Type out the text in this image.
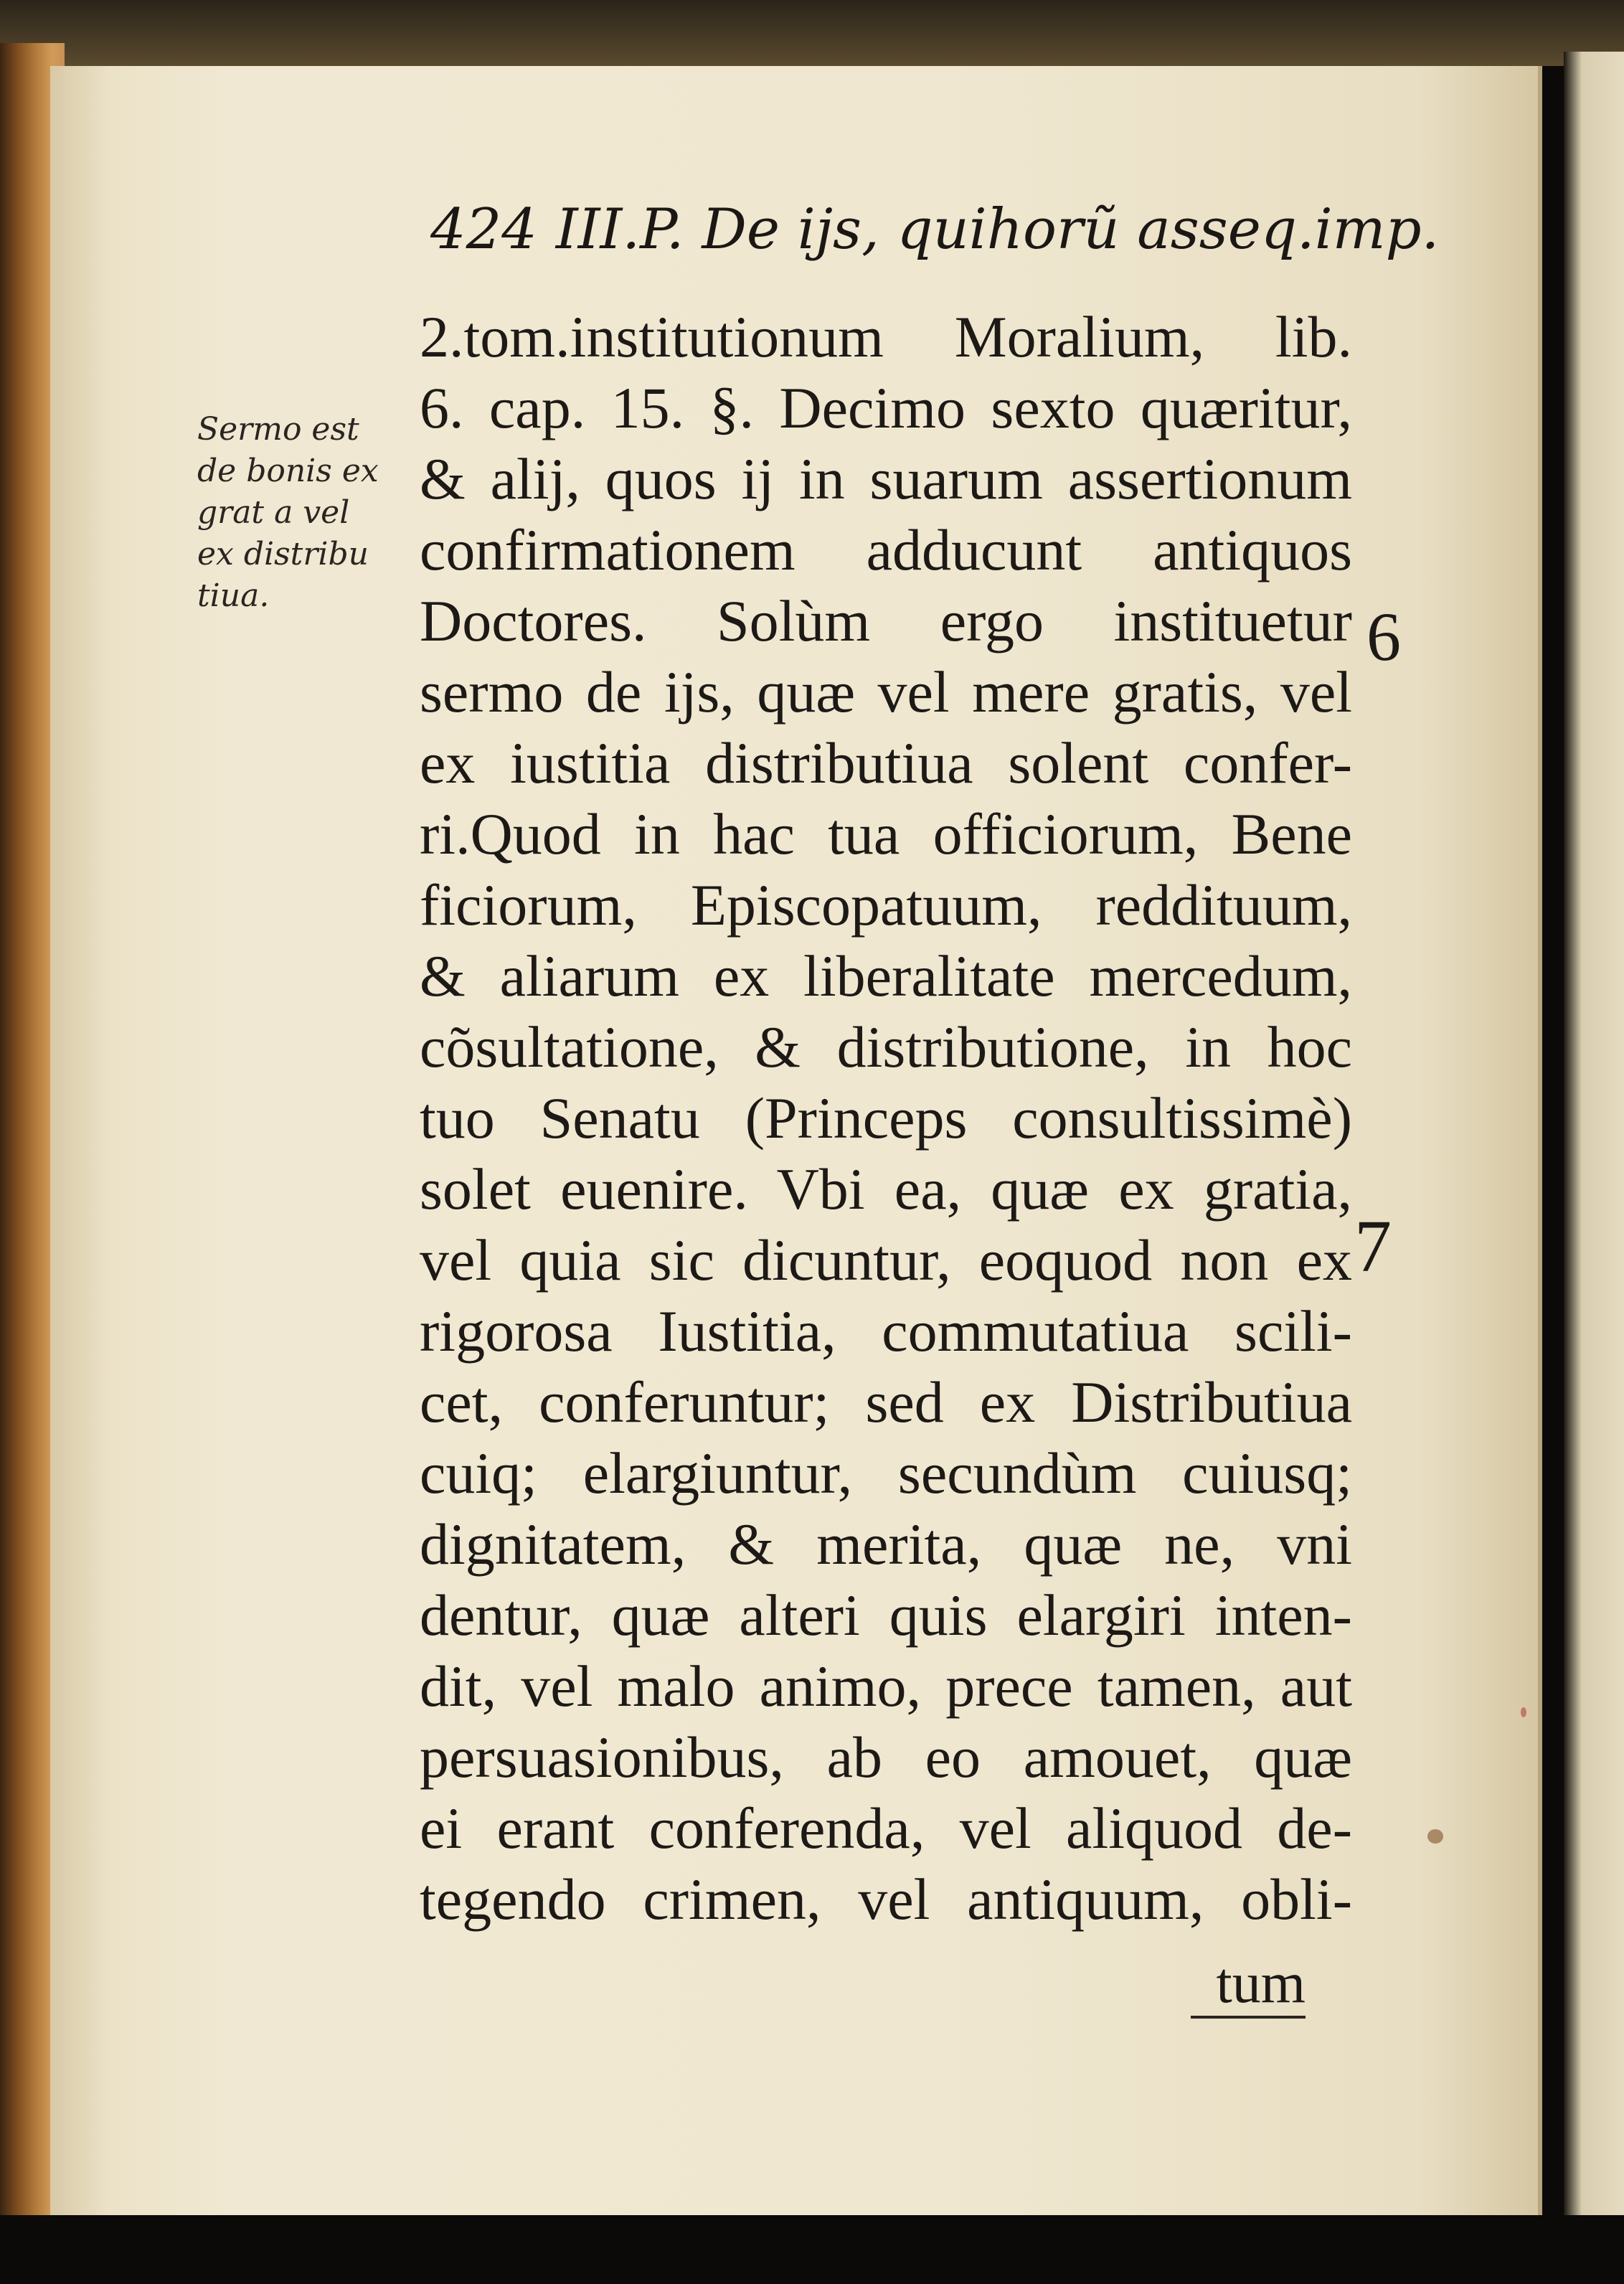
424 III.P. De ijs, quihorũ asseq.imp.
Sermo est
de bonis ex
grat a vel
ex distribu
tiua.
2.tom.institutionum Moralium, lib.
6. cap. 15. §. Decimo sexto quæritur,
& alij, quos ij in suarum assertionum
confirmationem adducunt antiquos
Doctores. Solùm ergo instituetur
sermo de ijs, quæ vel mere gratis, vel
ex iustitia distributiua solent confer-
ri.Quod in hac tua officiorum, Bene
ficiorum, Episcopatuum, reddituum,
& aliarum ex liberalitate mercedum,
cõsultatione, & distributione, in hoc
tuo Senatu (Princeps consultissimè)
solet euenire. Vbi ea, quæ ex gratia,
vel quia sic dicuntur, eoquod non ex
rigorosa Iustitia, commutatiua scili-
cet, conferuntur; sed ex Distributiua
cuiq; elargiuntur, secundùm cuiusq;
dignitatem, & merita, quæ ne, vni
dentur, quæ alteri quis elargiri inten-
dit, vel malo animo, prece tamen, aut
persuasionibus, ab eo amouet, quæ
ei erant conferenda, vel aliquod de-
tegendo crimen, vel antiquum, obli-
tum
6
7
